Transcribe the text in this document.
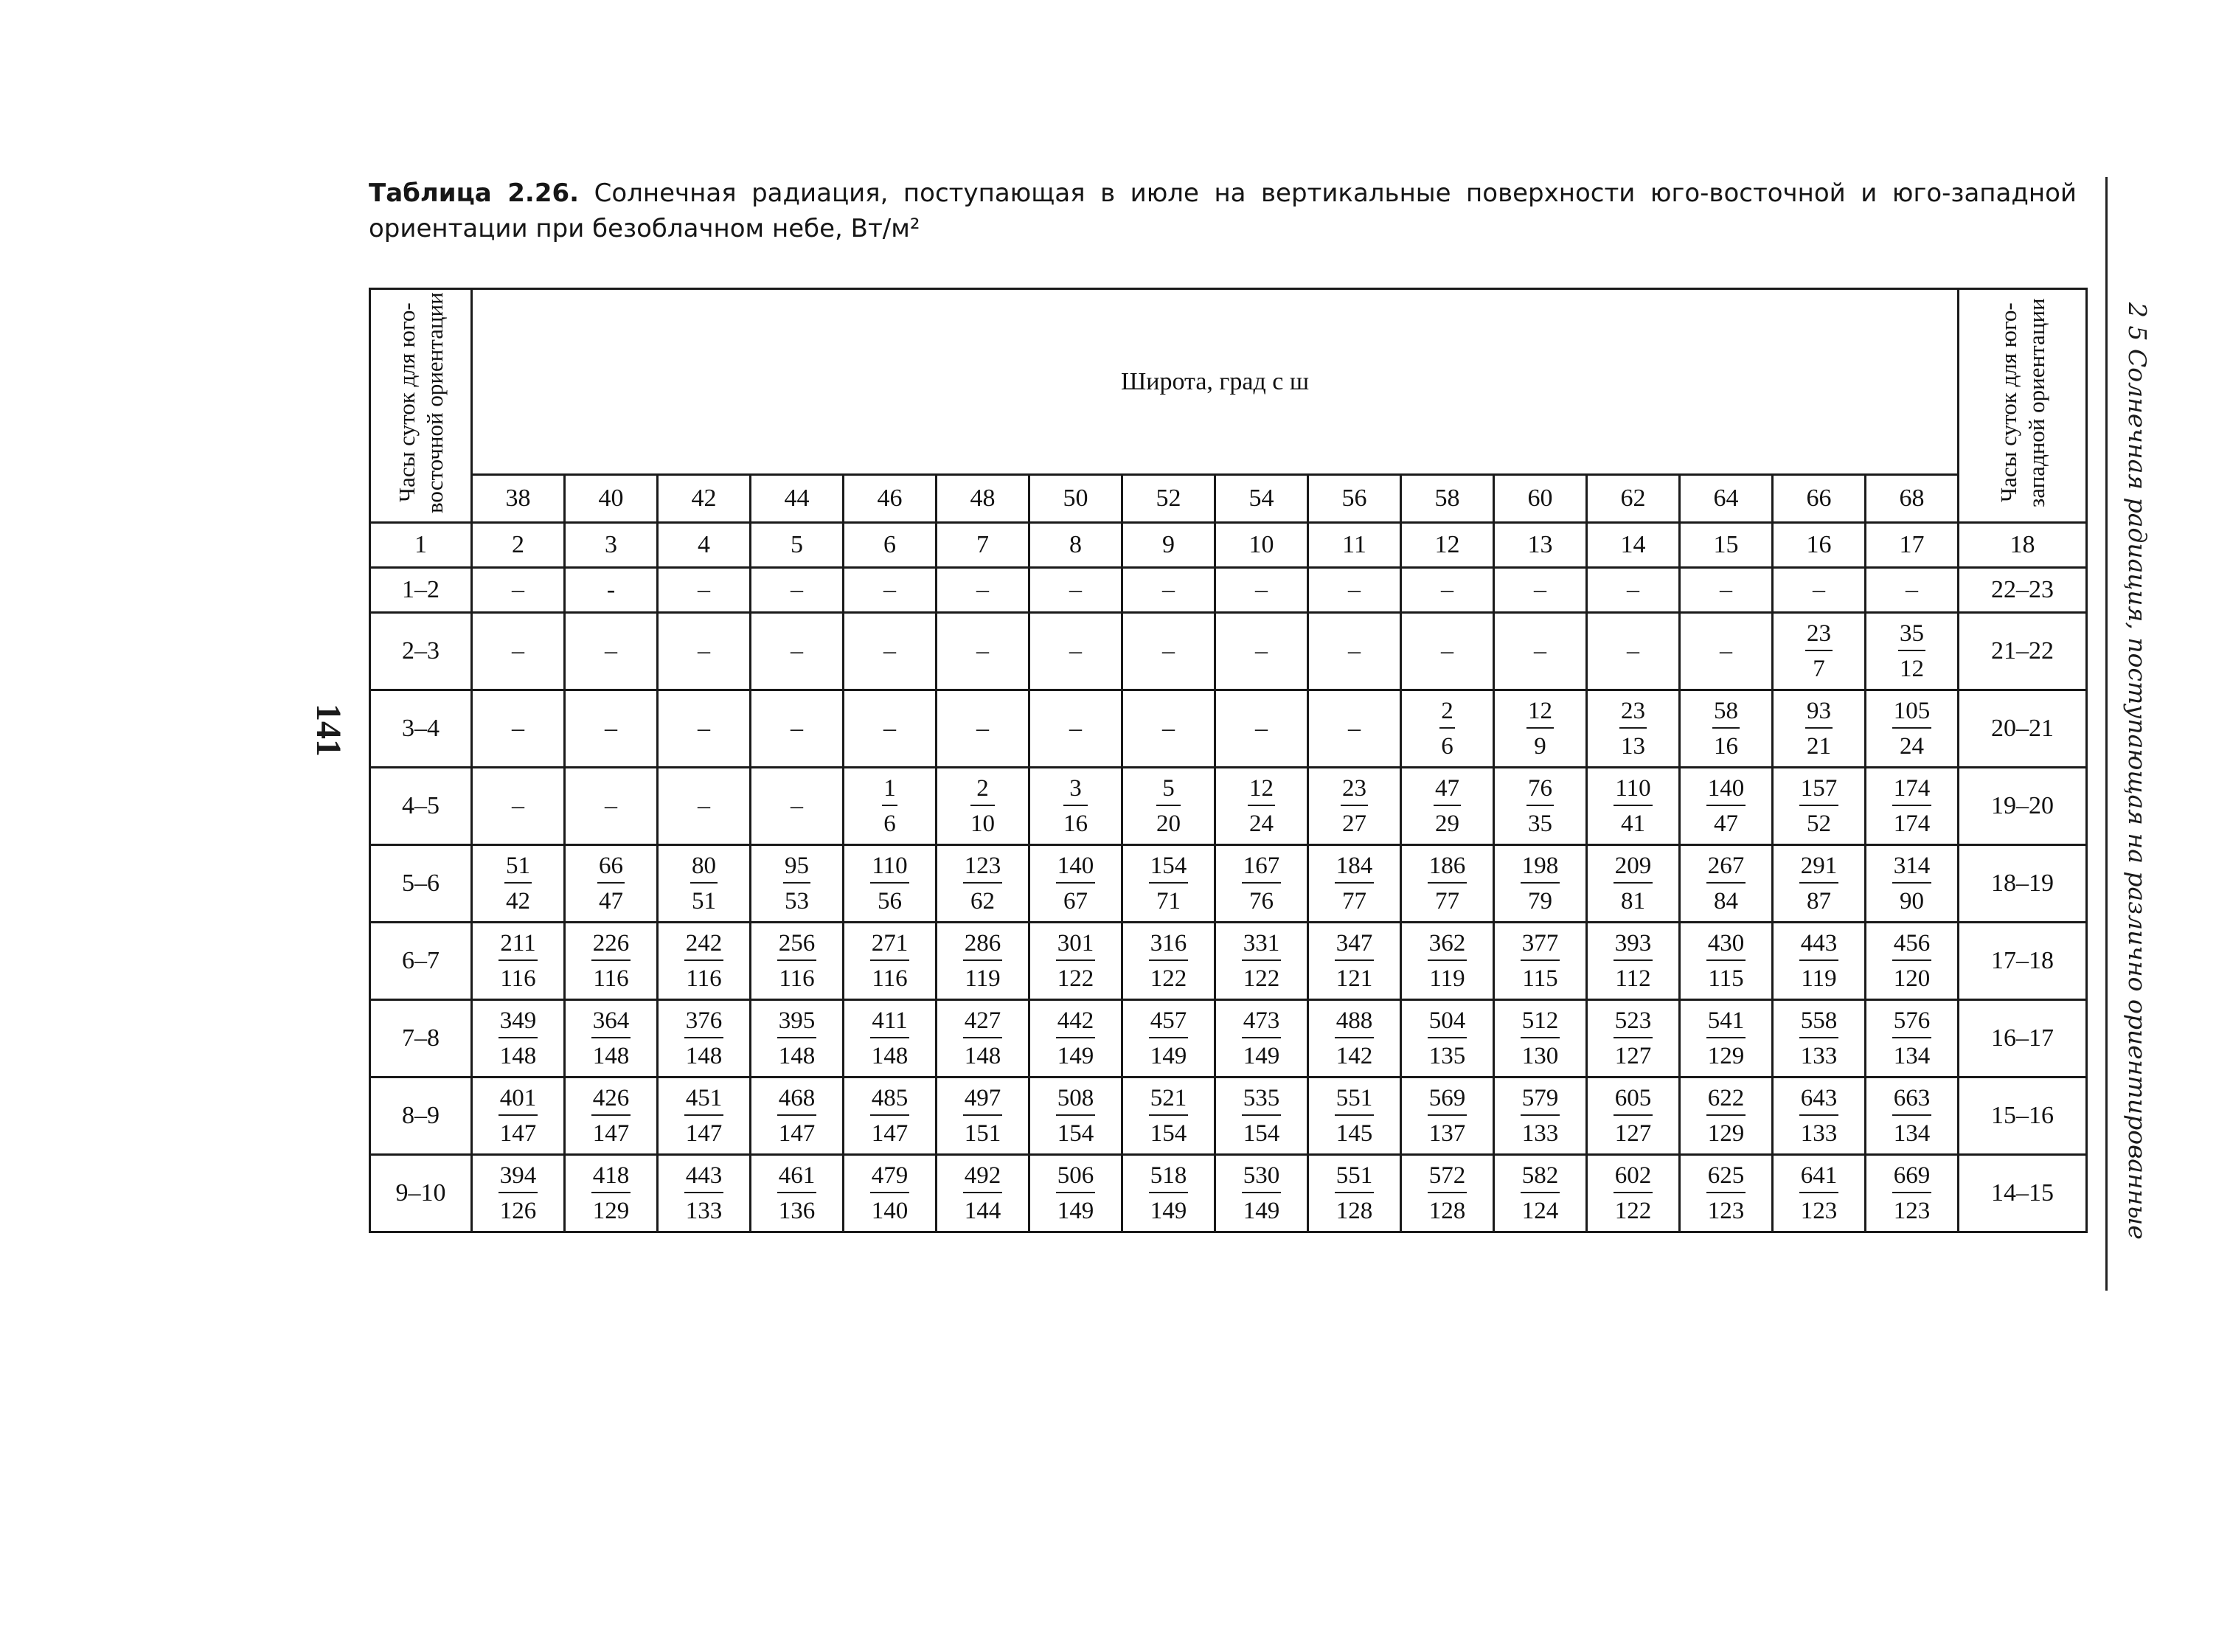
Таблица 2.26. Солнечная радиация, поступающая в июле на вертикальные поверхности юго-восточной и юго-западной ориентации при безоблачном небе, Вт/м²
141	2 5 Солнечная радиация, поступающая на различно ориентированные
Часы суток для юго-восточной ориентации	Широта, град с ш																Часы суток для юго-западной ориентации
	38	40	42	44	46	48	50	52	54	56	58	60	62	64	66	68	
1	2	3	4	5	6	7	8	9	10	11	12	13	14	15	16	17	18
1–2	–	-	–	–	–	–	–	–	–	–	–	–	–	–	–	–	22–23
2–3	–	–	–	–	–	–	–	–	–	–	–	–	–	–	$\frac{23}{7}$	$\frac{35}{12}$	21–22
3–4	–	–	–	–	–	–	–	–	–	–	$\frac{2}{6}$	$\frac{12}{9}$	$\frac{23}{13}$	$\frac{58}{16}$	$\frac{93}{21}$	$\frac{105}{24}$	20–21
4–5	–	–	–	–	$\frac{1}{6}$	$\frac{2}{10}$	$\frac{3}{16}$	$\frac{5}{20}$	$\frac{12}{24}$	$\frac{23}{27}$	$\frac{47}{29}$	$\frac{76}{35}$	$\frac{110}{41}$	$\frac{140}{47}$	$\frac{157}{52}$	$\frac{174}{174}$	19–20
5–6	$\frac{51}{42}$	$\frac{66}{47}$	$\frac{80}{51}$	$\frac{95}{53}$	$\frac{110}{56}$	$\frac{123}{62}$	$\frac{140}{67}$	$\frac{154}{71}$	$\frac{167}{76}$	$\frac{184}{77}$	$\frac{186}{77}$	$\frac{198}{79}$	$\frac{209}{81}$	$\frac{267}{84}$	$\frac{291}{87}$	$\frac{314}{90}$	18–19
6–7	$\frac{211}{116}$	$\frac{226}{116}$	$\frac{242}{116}$	$\frac{256}{116}$	$\frac{271}{116}$	$\frac{286}{119}$	$\frac{301}{122}$	$\frac{316}{122}$	$\frac{331}{122}$	$\frac{347}{121}$	$\frac{362}{119}$	$\frac{377}{115}$	$\frac{393}{112}$	$\frac{430}{115}$	$\frac{443}{119}$	$\frac{456}{120}$	17–18
7–8	$\frac{349}{148}$	$\frac{364}{148}$	$\frac{376}{148}$	$\frac{395}{148}$	$\frac{411}{148}$	$\frac{427}{148}$	$\frac{442}{149}$	$\frac{457}{149}$	$\frac{473}{149}$	$\frac{488}{142}$	$\frac{504}{135}$	$\frac{512}{130}$	$\frac{523}{127}$	$\frac{541}{129}$	$\frac{558}{133}$	$\frac{576}{134}$	16–17
8–9	$\frac{401}{147}$	$\frac{426}{147}$	$\frac{451}{147}$	$\frac{468}{147}$	$\frac{485}{147}$	$\frac{497}{151}$	$\frac{508}{154}$	$\frac{521}{154}$	$\frac{535}{154}$	$\frac{551}{145}$	$\frac{569}{137}$	$\frac{579}{133}$	$\frac{605}{127}$	$\frac{622}{129}$	$\frac{643}{133}$	$\frac{663}{134}$	15–16
9–10	$\frac{394}{126}$	$\frac{418}{129}$	$\frac{443}{133}$	$\frac{461}{136}$	$\frac{479}{140}$	$\frac{492}{144}$	$\frac{506}{149}$	$\frac{518}{149}$	$\frac{530}{149}$	$\frac{551}{128}$	$\frac{572}{128}$	$\frac{582}{124}$	$\frac{602}{122}$	$\frac{625}{123}$	$\frac{641}{123}$	$\frac{669}{123}$	14–15
